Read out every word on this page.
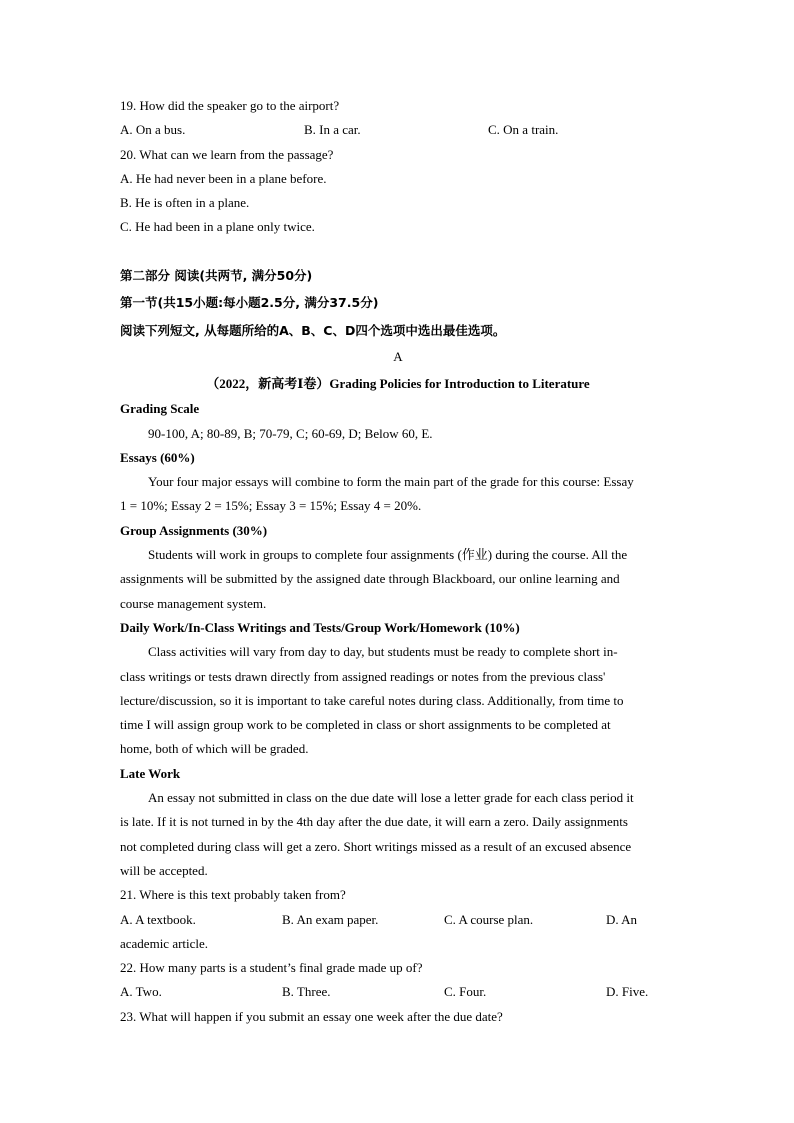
19. How did the speaker go to the airport?
A. On a bus.	B. In a car.	C. On a train.
20. What can we learn from the passage?
A. He had never been in a plane before.
B. He is often in a plane.
C. He had been in a plane only twice.
第二部分 阅读(共两节, 满分50分)
第一节(共15小题:每小题2.5分, 满分37.5分)
阅读下列短文, 从每题所给的A、B、C、D四个选项中选出最佳选项。
A
（2022，新高考Ⅰ卷）Grading Policies for Introduction to Literature
Grading Scale
90-100, A; 80-89, B; 70-79, C; 60-69, D; Below 60, E.
Essays (60%)
Your four major essays will combine to form the main part of the grade for this course: Essay
1 = 10%; Essay 2 = 15%; Essay 3 = 15%; Essay 4 = 20%.
Group Assignments (30%)
Students will work in groups to complete four assignments (作业) during the course. All the
assignments will be submitted by the assigned date through Blackboard, our online learning and
course management system.
Daily Work/In-Class Writings and Tests/Group Work/Homework (10%)
Class activities will vary from day to day, but students must be ready to complete short in-
class writings or tests drawn directly from assigned readings or notes from the previous class'
lecture/discussion, so it is important to take careful notes during class. Additionally, from time to
time I will assign group work to be completed in class or short assignments to be completed at
home, both of which will be graded.
Late Work
An essay not submitted in class on the due date will lose a letter grade for each class period it
is late. If it is not turned in by the 4th day after the due date, it will earn a zero. Daily assignments
not completed during class will get a zero. Short writings missed as a result of an excused absence
will be accepted.
21. Where is this text probably taken from?
A. A textbook.	B. An exam paper.	C. A course plan.	D. An
academic article.
22. How many parts is a student’s final grade made up of?
A. Two.	B. Three.	C. Four.	D. Five.
23. What will happen if you submit an essay one week after the due date?
